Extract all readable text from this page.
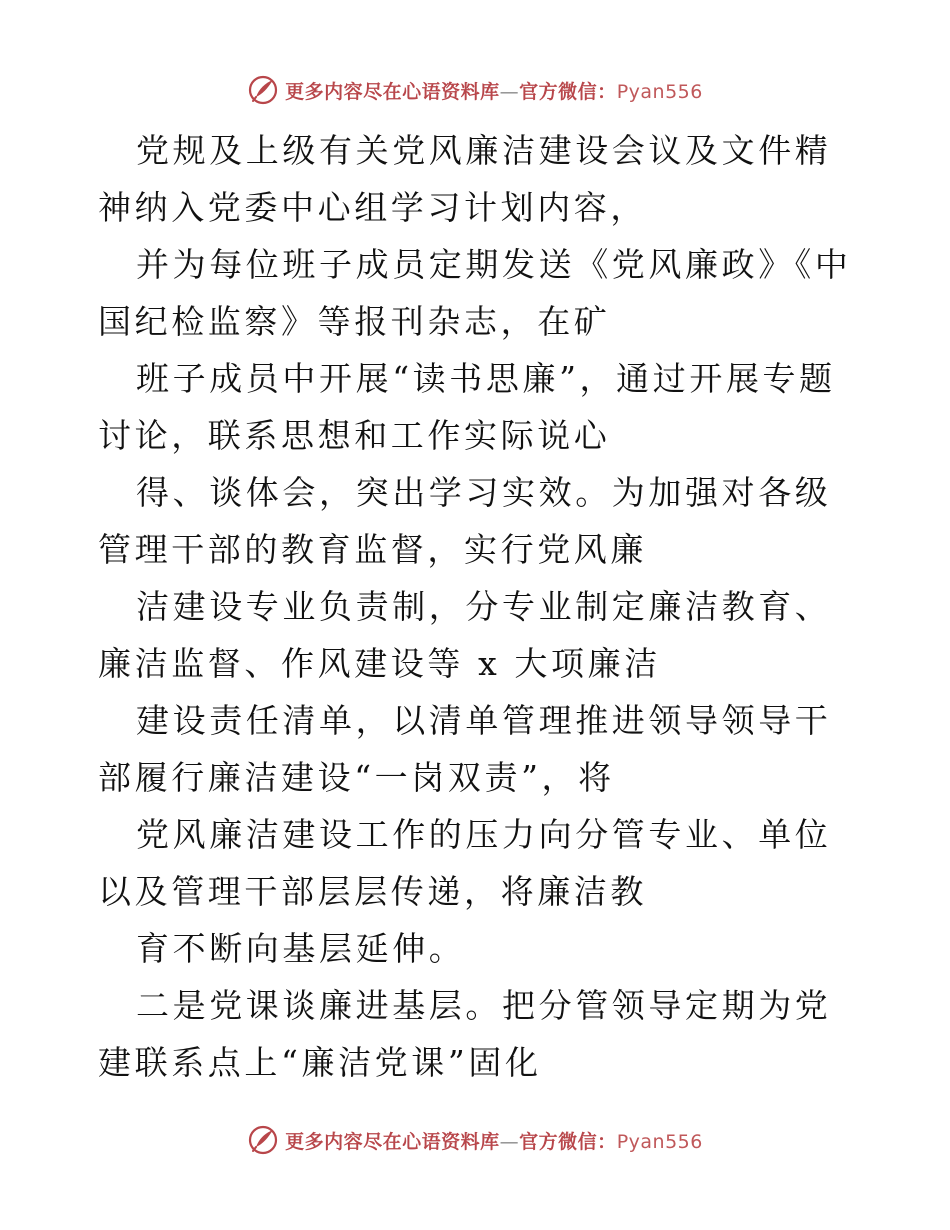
更多内容尽在心语资料库—官方微信：Pyan556

党规及上级有关党风廉洁建设会议及文件精神纳入党委中心组学习计划内容，

并为每位班子成员定期发送《党风廉政》《中国纪检监察》等报刊杂志，在矿

班子成员中开展“读书思廉”，通过开展专题讨论，联系思想和工作实际说心

得、谈体会，突出学习实效。为加强对各级管理干部的教育监督，实行党风廉

洁建设专业负责制，分专业制定廉洁教育、廉洁监督、作风建设等 x 大项廉洁

建设责任清单，以清单管理推进领导领导干部履行廉洁建设“一岗双责”，将

党风廉洁建设工作的压力向分管专业、单位以及管理干部层层传递，将廉洁教

育不断向基层延伸。

二是党课谈廉进基层。把分管领导定期为党建联系点上“廉洁党课”固化

更多内容尽在心语资料库—官方微信：Pyan556
